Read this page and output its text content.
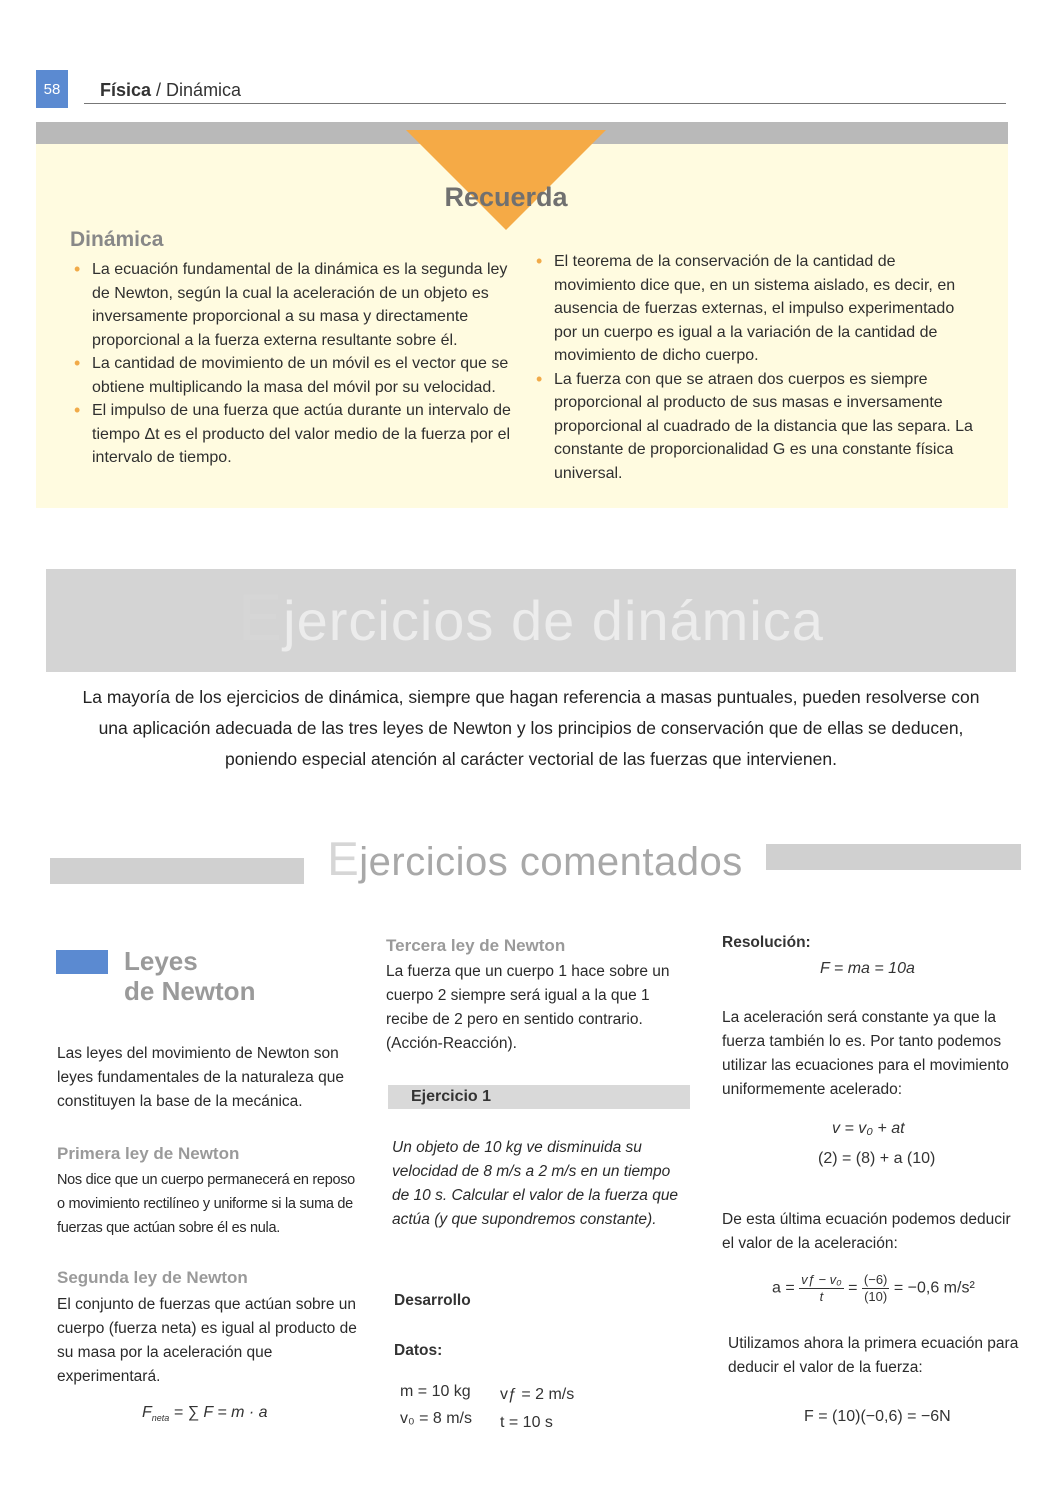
58	Física / Dinámica
Recuerda
Dinámica
• La ecuación fundamental de la dinámica es la segunda ley de Newton, según la cual la aceleración de un objeto es inversamente proporcional a su masa y directamente proporcional a la fuerza externa resultante sobre él.
• La cantidad de movimiento de un móvil es el vector que se obtiene multiplicando la masa del móvil por su velocidad.
• El impulso de una fuerza que actúa durante un intervalo de tiempo Δt es el producto del valor medio de la fuerza por el intervalo de tiempo.
• El teorema de la conservación de la cantidad de movimiento dice que, en un sistema aislado, es decir, en ausencia de fuerzas externas, el impulso experimentado por un cuerpo es igual a la variación de la cantidad de movimiento de dicho cuerpo.
• La fuerza con que se atraen dos cuerpos es siempre proporcional al producto de sus masas e inversamente proporcional al cuadrado de la distancia que las separa. La constante de proporcionalidad G es una constante física universal.
Ejercicios de dinámica
La mayoría de los ejercicios de dinámica, siempre que hagan referencia a masas puntuales, pueden resolverse con una aplicación adecuada de las tres leyes de Newton y los principios de conservación que de ellas se deducen, poniendo especial atención al carácter vectorial de las fuerzas que intervienen.
Ejercicios comentados
Leyes
de Newton
Las leyes del movimiento de Newton son leyes fundamentales de la naturaleza que constituyen la base de la mecánica.
Primera ley de Newton
Nos dice que un cuerpo permanecerá en reposo o movimiento rectilíneo y uniforme si la suma de fuerzas que actúan sobre él es nula.
Segunda ley de Newton
El conjunto de fuerzas que actúan sobre un cuerpo (fuerza neta) es igual al producto de su masa por la aceleración que experimentará.
$F_{neta}$ = ∑ F = m · a
Tercera ley de Newton
La fuerza que un cuerpo 1 hace sobre un cuerpo 2 siempre será igual a la que 1 recibe de 2 pero en sentido contrario. (Acción-Reacción).
Ejercicio 1
Un objeto de 10 kg ve disminuida su velocidad de 8 m/s a 2 m/s en un tiempo de 10 s. Calcular el valor de la fuerza que actúa (y que supondremos constante).
Desarrollo
Datos:
m = 10 kg
v₀ = 8 m/s
vƒ = 2 m/s
t = 10 s
Resolución:
F = ma = 10a
La aceleración será constante ya que la fuerza también lo es. Por tanto podemos utilizar las ecuaciones para el movimiento uniformemente acelerado:
v = v₀ + at
(2) = (8) + a (10)
De esta última ecuación podemos deducir el valor de la aceleración:
$a = \frac{\text{vƒ − v₀}}{t} = \frac{(-6)}{(10)} = -0,6$ m/s²
Utilizamos ahora la primera ecuación para deducir el valor de la fuerza:
F = (10)(−0,6) = −6N
